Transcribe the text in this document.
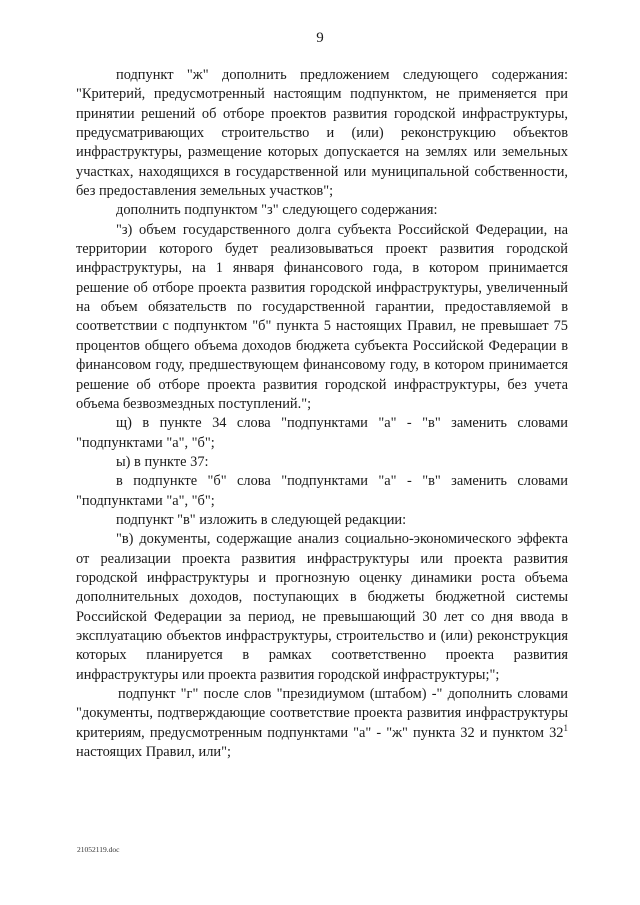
9

подпункт "ж" дополнить предложением следующего содержания: "Критерий, предусмотренный настоящим подпунктом, не применяется при принятии решений об отборе проектов развития городской инфраструктуры, предусматривающих строительство и (или) реконструкцию объектов инфраструктуры, размещение которых допускается на землях или земельных участках, находящихся в государственной или муниципальной собственности, без предоставления земельных участков";

дополнить подпунктом "з" следующего содержания:

"з) объем государственного долга субъекта Российской Федерации, на территории которого будет реализовываться проект развития городской инфраструктуры, на 1 января финансового года, в котором принимается решение об отборе проекта развития городской инфраструктуры, увеличенный на объем обязательств по государственной гарантии, предоставляемой в соответствии с подпунктом "б" пункта 5 настоящих Правил, не превышает 75 процентов общего объема доходов бюджета субъекта Российской Федерации в финансовом году, предшествующем финансовому году, в котором принимается решение об отборе проекта развития городской инфраструктуры, без учета объема безвозмездных поступлений.";

щ) в пункте 34 слова "подпунктами "а" - "в" заменить словами "подпунктами "а", "б";

ы) в пункте 37:

в подпункте "б" слова "подпунктами "а" - "в" заменить словами "подпунктами "а", "б";

подпункт "в" изложить в следующей редакции:

"в) документы, содержащие анализ социально-экономического эффекта от реализации проекта развития инфраструктуры или проекта развития городской инфраструктуры и прогнозную оценку динамики роста объема дополнительных доходов, поступающих в бюджеты бюджетной системы Российской Федерации за период, не превышающий 30 лет со дня ввода в эксплуатацию объектов инфраструктуры, строительство и (или) реконструкция которых планируется в рамках соответственно проекта развития инфраструктуры или проекта развития городской инфраструктуры;";

подпункт "г" после слов "президиумом (штабом) -" дополнить словами "документы, подтверждающие соответствие проекта развития инфраструктуры критериям, предусмотренным подпунктами "а" - "ж" пункта 32 и пунктом $32^1$ настоящих Правил, или";

21052119.doc
